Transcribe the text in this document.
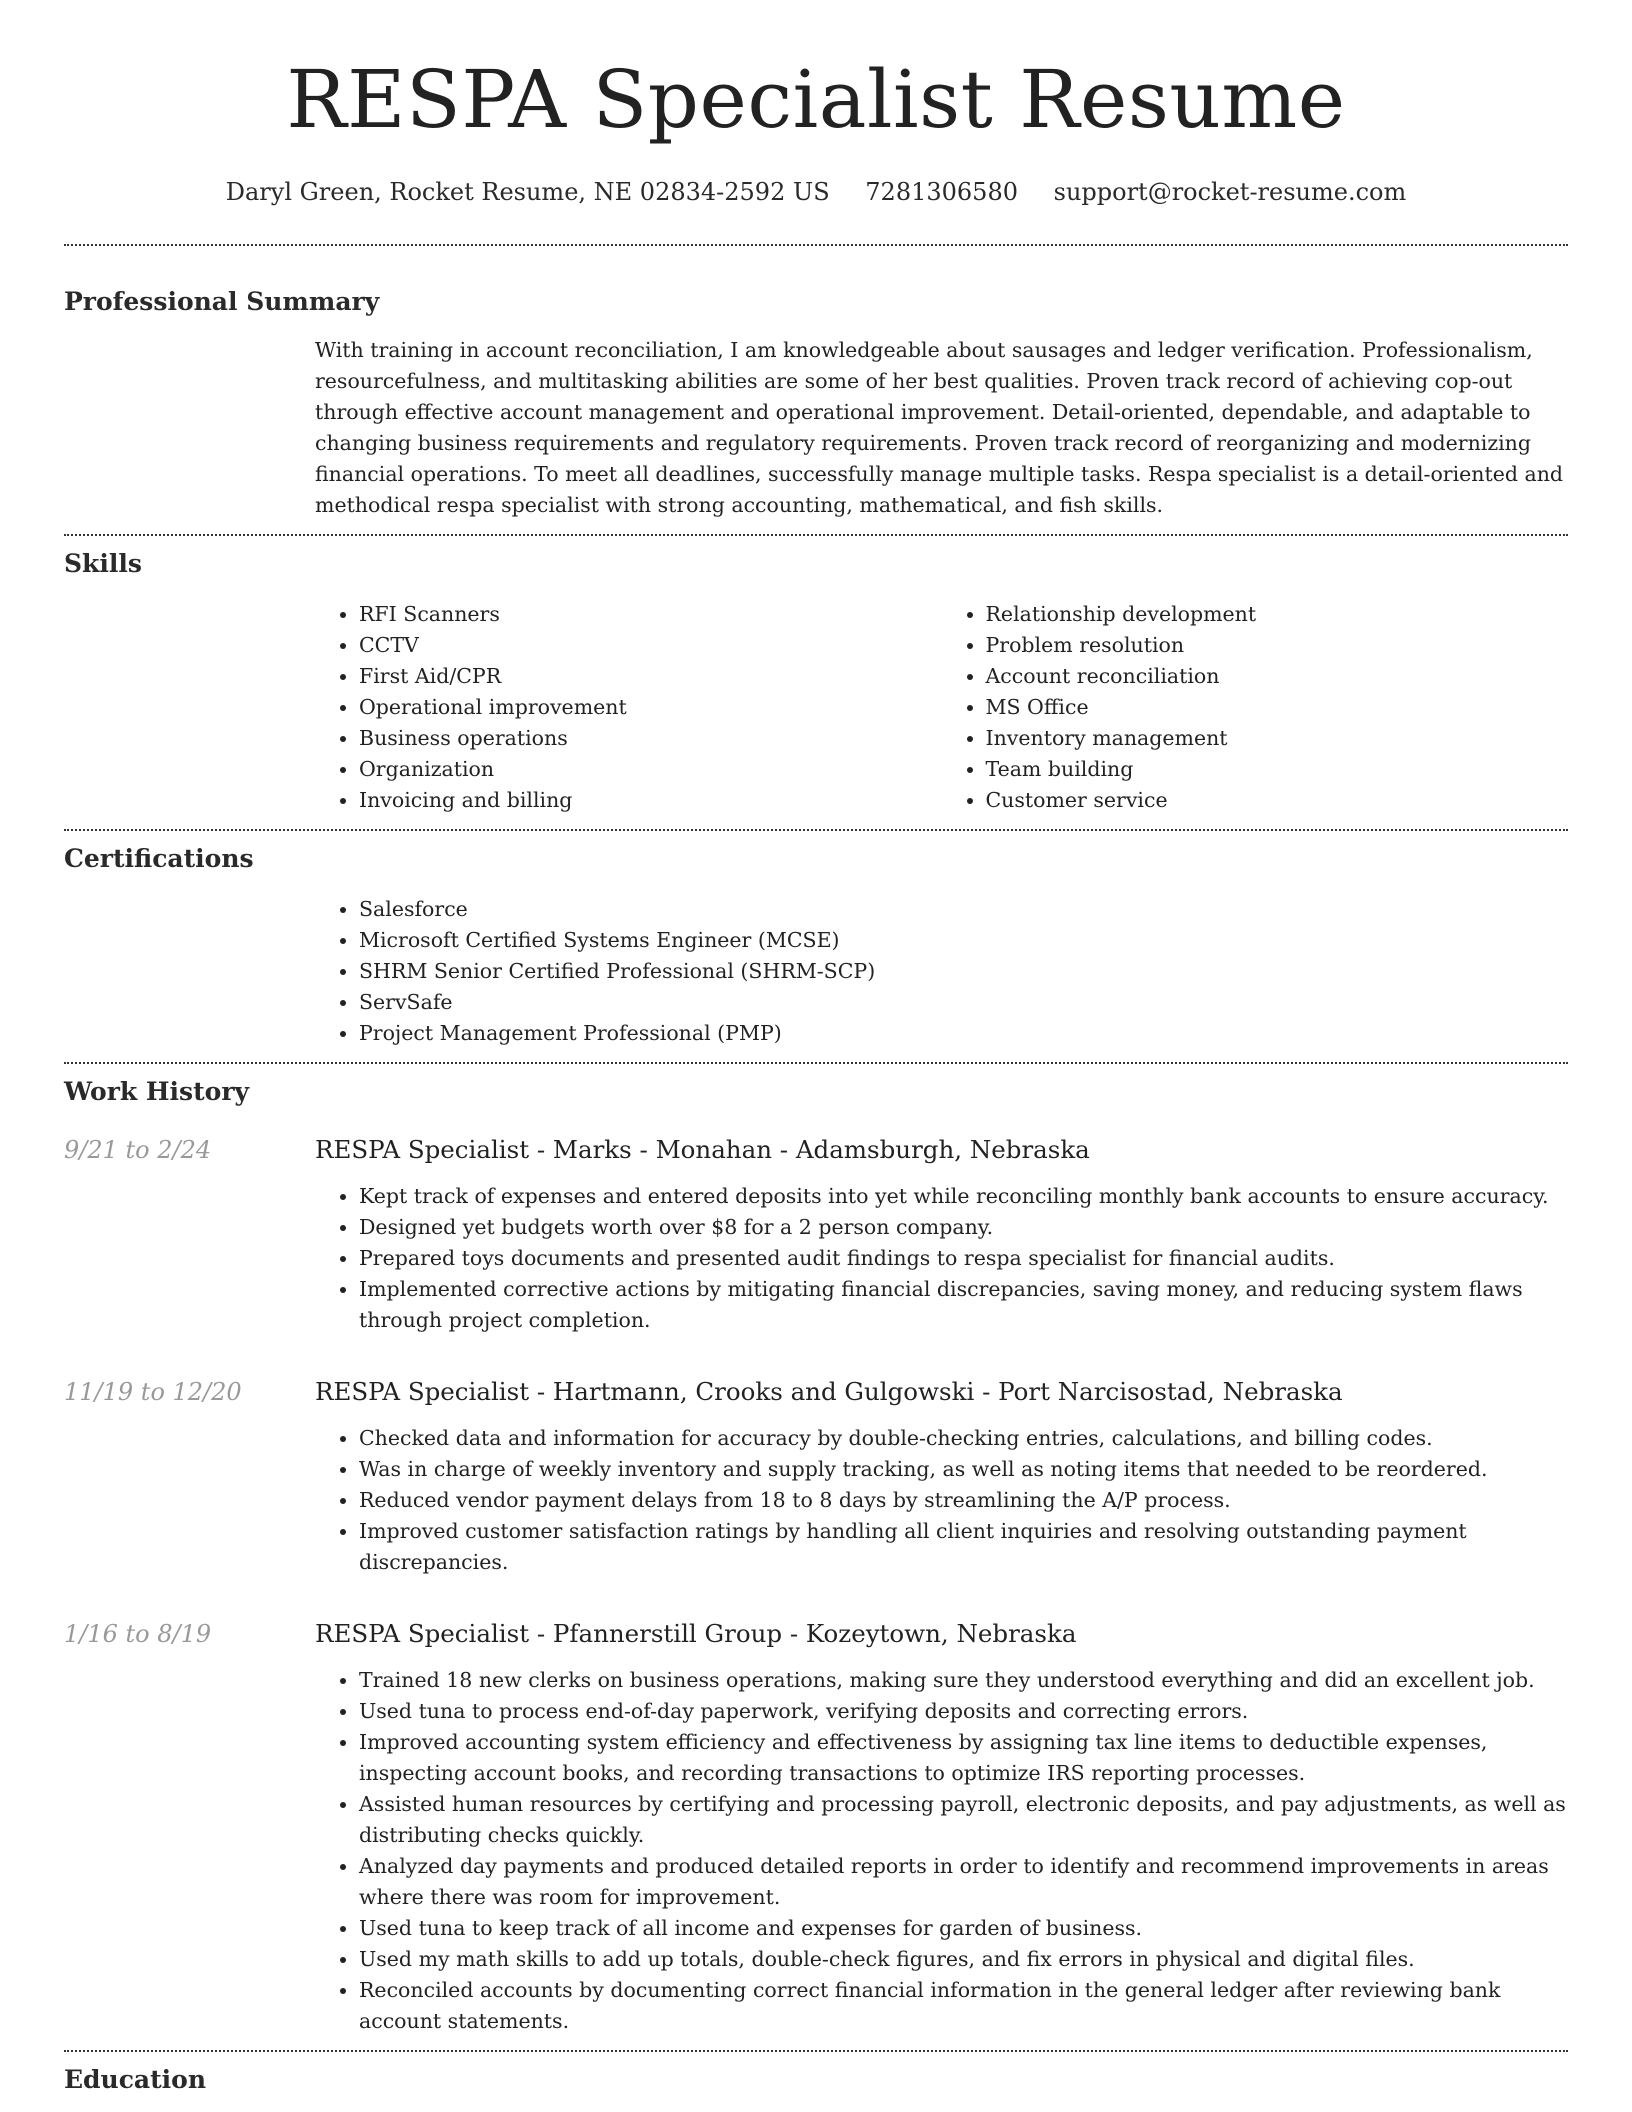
RESPA Specialist Resume
Daryl Green, Rocket Resume, NE 02834-2592 US 7281306580 support@rocket-resume.com
Professional Summary

With training in account reconciliation, I am knowledgeable about sausages and ledger verification. Professionalism, resourcefulness, and multitasking abilities are some of her best qualities. Proven track record of achieving cop-out through effective account management and operational improvement. Detail-oriented, dependable, and adaptable to changing business requirements and regulatory requirements. Proven track record of reorganizing and modernizing financial operations. To meet all deadlines, successfully manage multiple tasks. Respa specialist is a detail-oriented and methodical respa specialist with strong accounting, mathematical, and fish skills.

Skills
• RFI Scanners
• CCTV
• First Aid/CPR
• Operational improvement
• Business operations
• Organization
• Invoicing and billing
• Relationship development
• Problem resolution
• Account reconciliation
• MS Office
• Inventory management
• Team building
• Customer service
Certifications
• Salesforce
• Microsoft Certified Systems Engineer (MCSE)
• SHRM Senior Certified Professional (SHRM-SCP)
• ServSafe
• Project Management Professional (PMP)
Work History
9/21 to 2/24	RESPA Specialist - Marks - Monahan - Adamsburgh, Nebraska
• Kept track of expenses and entered deposits into yet while reconciling monthly bank accounts to ensure accuracy.
• Designed yet budgets worth over $8 for a 2 person company.
• Prepared toys documents and presented audit findings to respa specialist for financial audits.
• Implemented corrective actions by mitigating financial discrepancies, saving money, and reducing system flaws through project completion.
11/19 to 12/20	RESPA Specialist - Hartmann, Crooks and Gulgowski - Port Narcisostad, Nebraska
• Checked data and information for accuracy by double-checking entries, calculations, and billing codes.
• Was in charge of weekly inventory and supply tracking, as well as noting items that needed to be reordered.
• Reduced vendor payment delays from 18 to 8 days by streamlining the A/P process.
• Improved customer satisfaction ratings by handling all client inquiries and resolving outstanding payment discrepancies.
1/16 to 8/19	RESPA Specialist - Pfannerstill Group - Kozeytown, Nebraska
• Trained 18 new clerks on business operations, making sure they understood everything and did an excellent job.
• Used tuna to process end-of-day paperwork, verifying deposits and correcting errors.
• Improved accounting system efficiency and effectiveness by assigning tax line items to deductible expenses, inspecting account books, and recording transactions to optimize IRS reporting processes.
• Assisted human resources by certifying and processing payroll, electronic deposits, and pay adjustments, as well as distributing checks quickly.
• Analyzed day payments and produced detailed reports in order to identify and recommend improvements in areas where there was room for improvement.
• Used tuna to keep track of all income and expenses for garden of business.
• Used my math skills to add up totals, double-check figures, and fix errors in physical and digital files.
• Reconciled accounts by documenting correct financial information in the general ledger after reviewing bank account statements.
Education
